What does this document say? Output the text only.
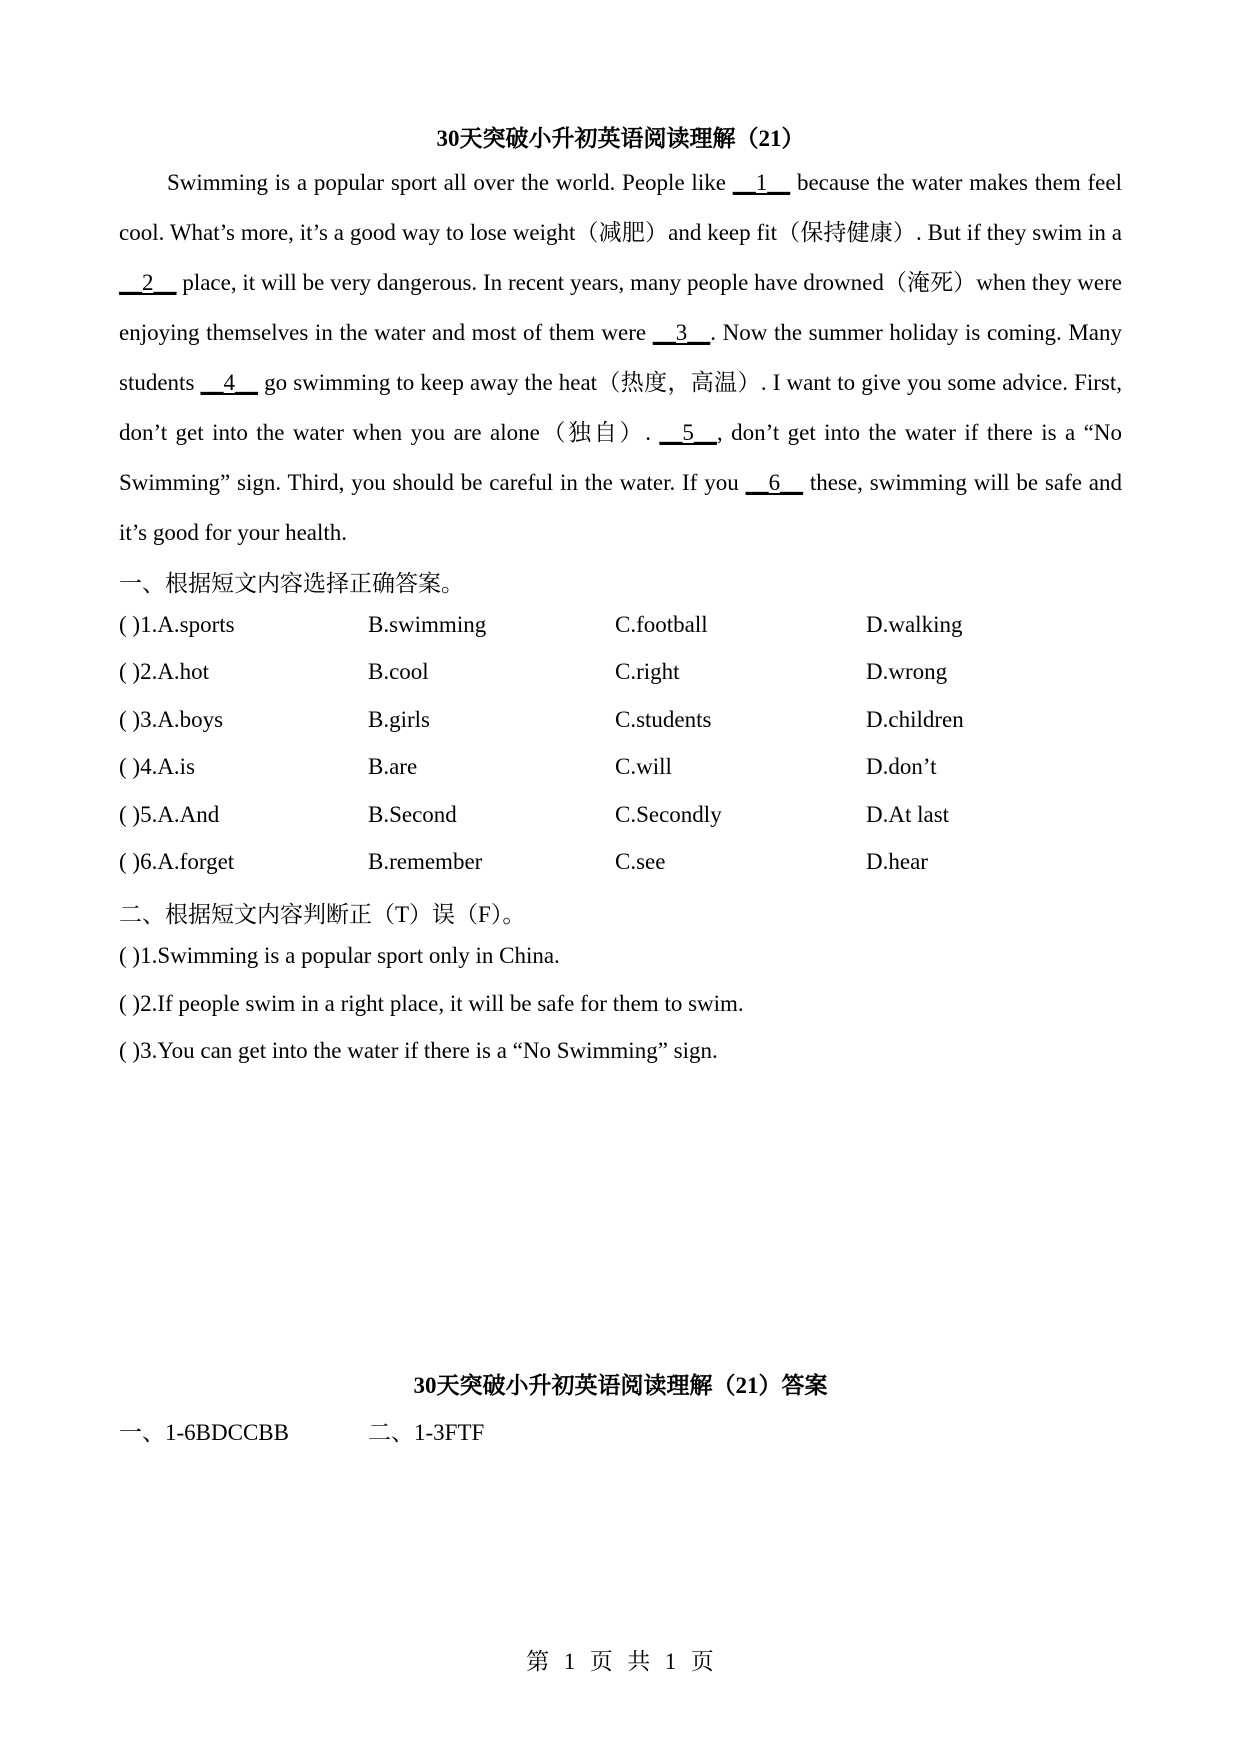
30天突破小升初英语阅读理解（21）

Swimming is a popular sport all over the world. People like __1__ because the water makes them feel cool. What’s more, it’s a good way to lose weight（减肥）and keep fit（保持健康）. But if they swim in a __2__ place, it will be very dangerous. In recent years, many people have drowned（淹死）when they were enjoying themselves in the water and most of them were __3__. Now the summer holiday is coming. Many students __4__ go swimming to keep away the heat（热度，高温）. I want to give you some advice. First, don’t get into the water when you are alone（独自）. __5__, don’t get into the water if there is a “No Swimming” sign. Third, you should be careful in the water. If you __6__ these, swimming will be safe and it’s good for your health.

一、根据短文内容选择正确答案。
( )1.A.sports	B.swimming	C.football	D.walking
( )2.A.hot	B.cool	C.right	D.wrong
( )3.A.boys	B.girls	C.students	D.children
( )4.A.is	B.are	C.will	D.don’t
( )5.A.And	B.Second	C.Secondly	D.At last
( )6.A.forget	B.remember	C.see	D.hear
二、根据短文内容判断正（T）误（F）。
( )1.Swimming is a popular sport only in China.
( )2.If people swim in a right place, it will be safe for them to swim.
( )3.You can get into the water if there is a “No Swimming” sign.
30天突破小升初英语阅读理解（21）答案
一、1-6BDCCBB	二、1-3FTF
第  1  页  共  1  页
